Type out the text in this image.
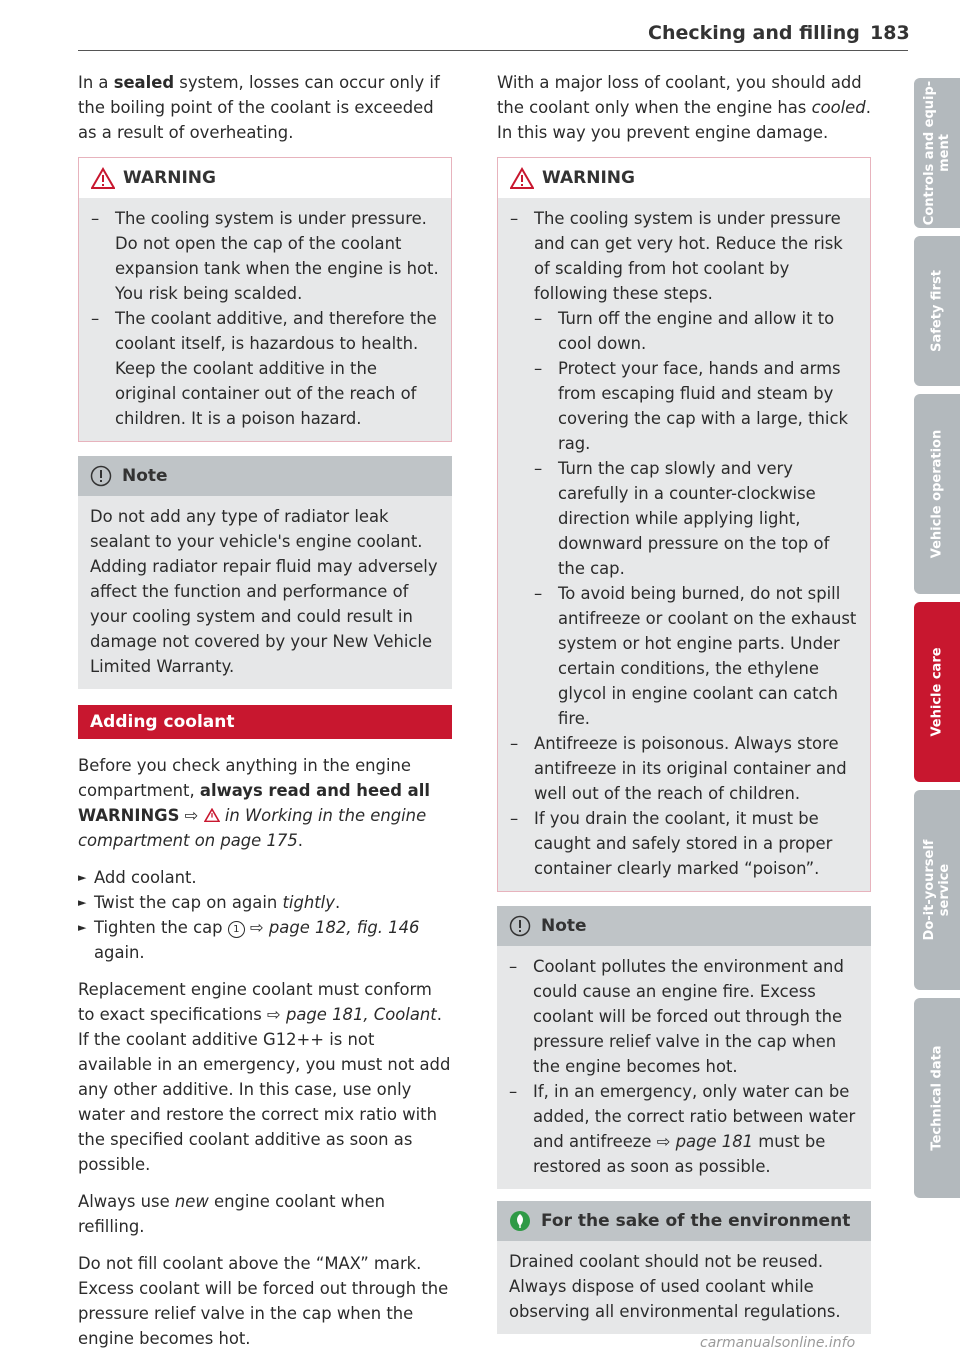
Checking and filling 183

In a sealed system, losses can occur only if the boiling point of the coolant is exceeded as a result of overheating.

WARNING
– The cooling system is under pressure. Do not open the cap of the coolant expansion tank when the engine is hot. You risk being scalded.
– The coolant additive, and therefore the coolant itself, is hazardous to health. Keep the coolant additive in the original container out of the reach of children. It is a poison hazard.
Note

Do not add any type of radiator leak sealant to your vehicle's engine coolant. Adding radiator repair fluid may adversely affect the function and performance of your cooling system and could result in damage not covered by your New Vehicle Limited Warranty.

Adding coolant

Before you check anything in the engine compartment, always read and heed all WARNINGS ⇨  in Working in the engine compartment on page 175.

► Add coolant.
► Twist the cap on again tightly.
► Tighten the cap 1 ⇨ page 182, fig. 146 again.

Replacement engine coolant must conform to exact specifications ⇨ page 181, Coolant. If the coolant additive G12++ is not available in an emergency, you must not add any other additive. In this case, use only water and restore the correct mix ratio with the specified coolant additive as soon as possible.

Always use new engine coolant when refilling.

Do not fill coolant above the “MAX” mark. Excess coolant will be forced out through the pressure relief valve in the cap when the engine becomes hot.

With a major loss of coolant, you should add the coolant only when the engine has cooled. In this way you prevent engine damage.

WARNING
– The cooling system is under pressure and can get very hot. Reduce the risk of scalding from hot coolant by following these steps.
– Turn off the engine and allow it to cool down.
– Protect your face, hands and arms from escaping fluid and steam by covering the cap with a large, thick rag.
– Turn the cap slowly and very carefully in a counter-clockwise direction while applying light, downward pressure on the top of the cap.
– To avoid being burned, do not spill antifreeze or coolant on the exhaust system or hot engine parts. Under certain conditions, the ethylene glycol in engine coolant can catch fire.
– Antifreeze is poisonous. Always store antifreeze in its original container and well out of the reach of children.
– If you drain the coolant, it must be caught and safely stored in a proper container clearly marked “poison”.
Note
– Coolant pollutes the environment and could cause an engine fire. Excess coolant will be forced out through the pressure relief valve in the cap when the engine becomes hot.
– If, in an emergency, only water can be added, the correct ratio between water and antifreeze ⇨ page 181 must be restored as soon as possible.
For the sake of the environment

Drained coolant should not be reused. Always dispose of used coolant while observing all environmental regulations.

Controls and equip-
ment
Safety first
Vehicle operation
Vehicle care
Do-it-yourself
service
Technical data
carmanualsonline.info
